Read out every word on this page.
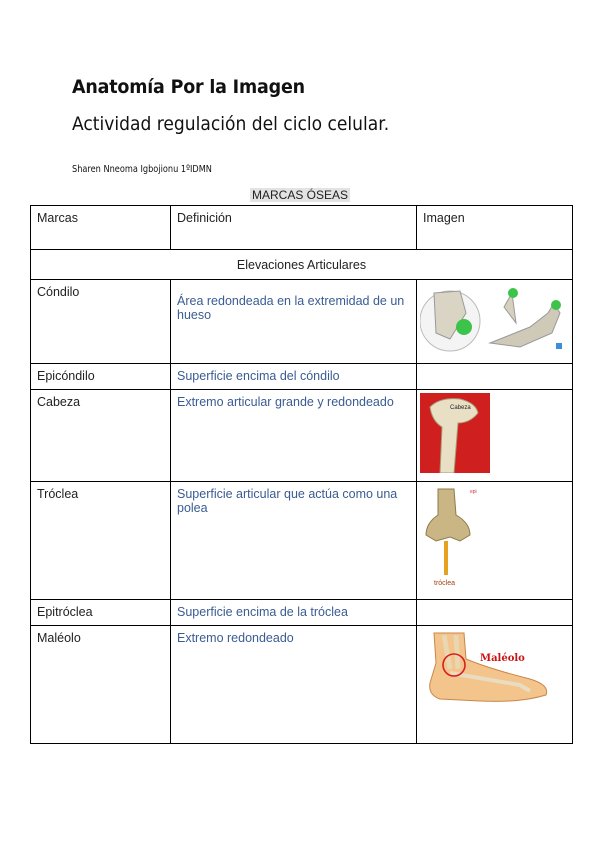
Anatomía Por la Imagen
Actividad regulación del ciclo celular.
Sharen Nneoma Igbojionu 1ºIDMN
MARCAS ÓSEAS
Marcas	Definición	Imagen
Elevaciones Articulares		
Cóndilo	Área redondeada en la extremidad de un hueso	

Epicóndilo	Superficie encima del cóndilo	
Cabeza	Extremo articular grande y redondeado	Cabeza

Tróclea	Superficie articular que actúa como una polea	epi
tróclea

Epitróclea	Superficie encima de la tróclea	
Maléolo	Extremo redondeado	Maléolo
